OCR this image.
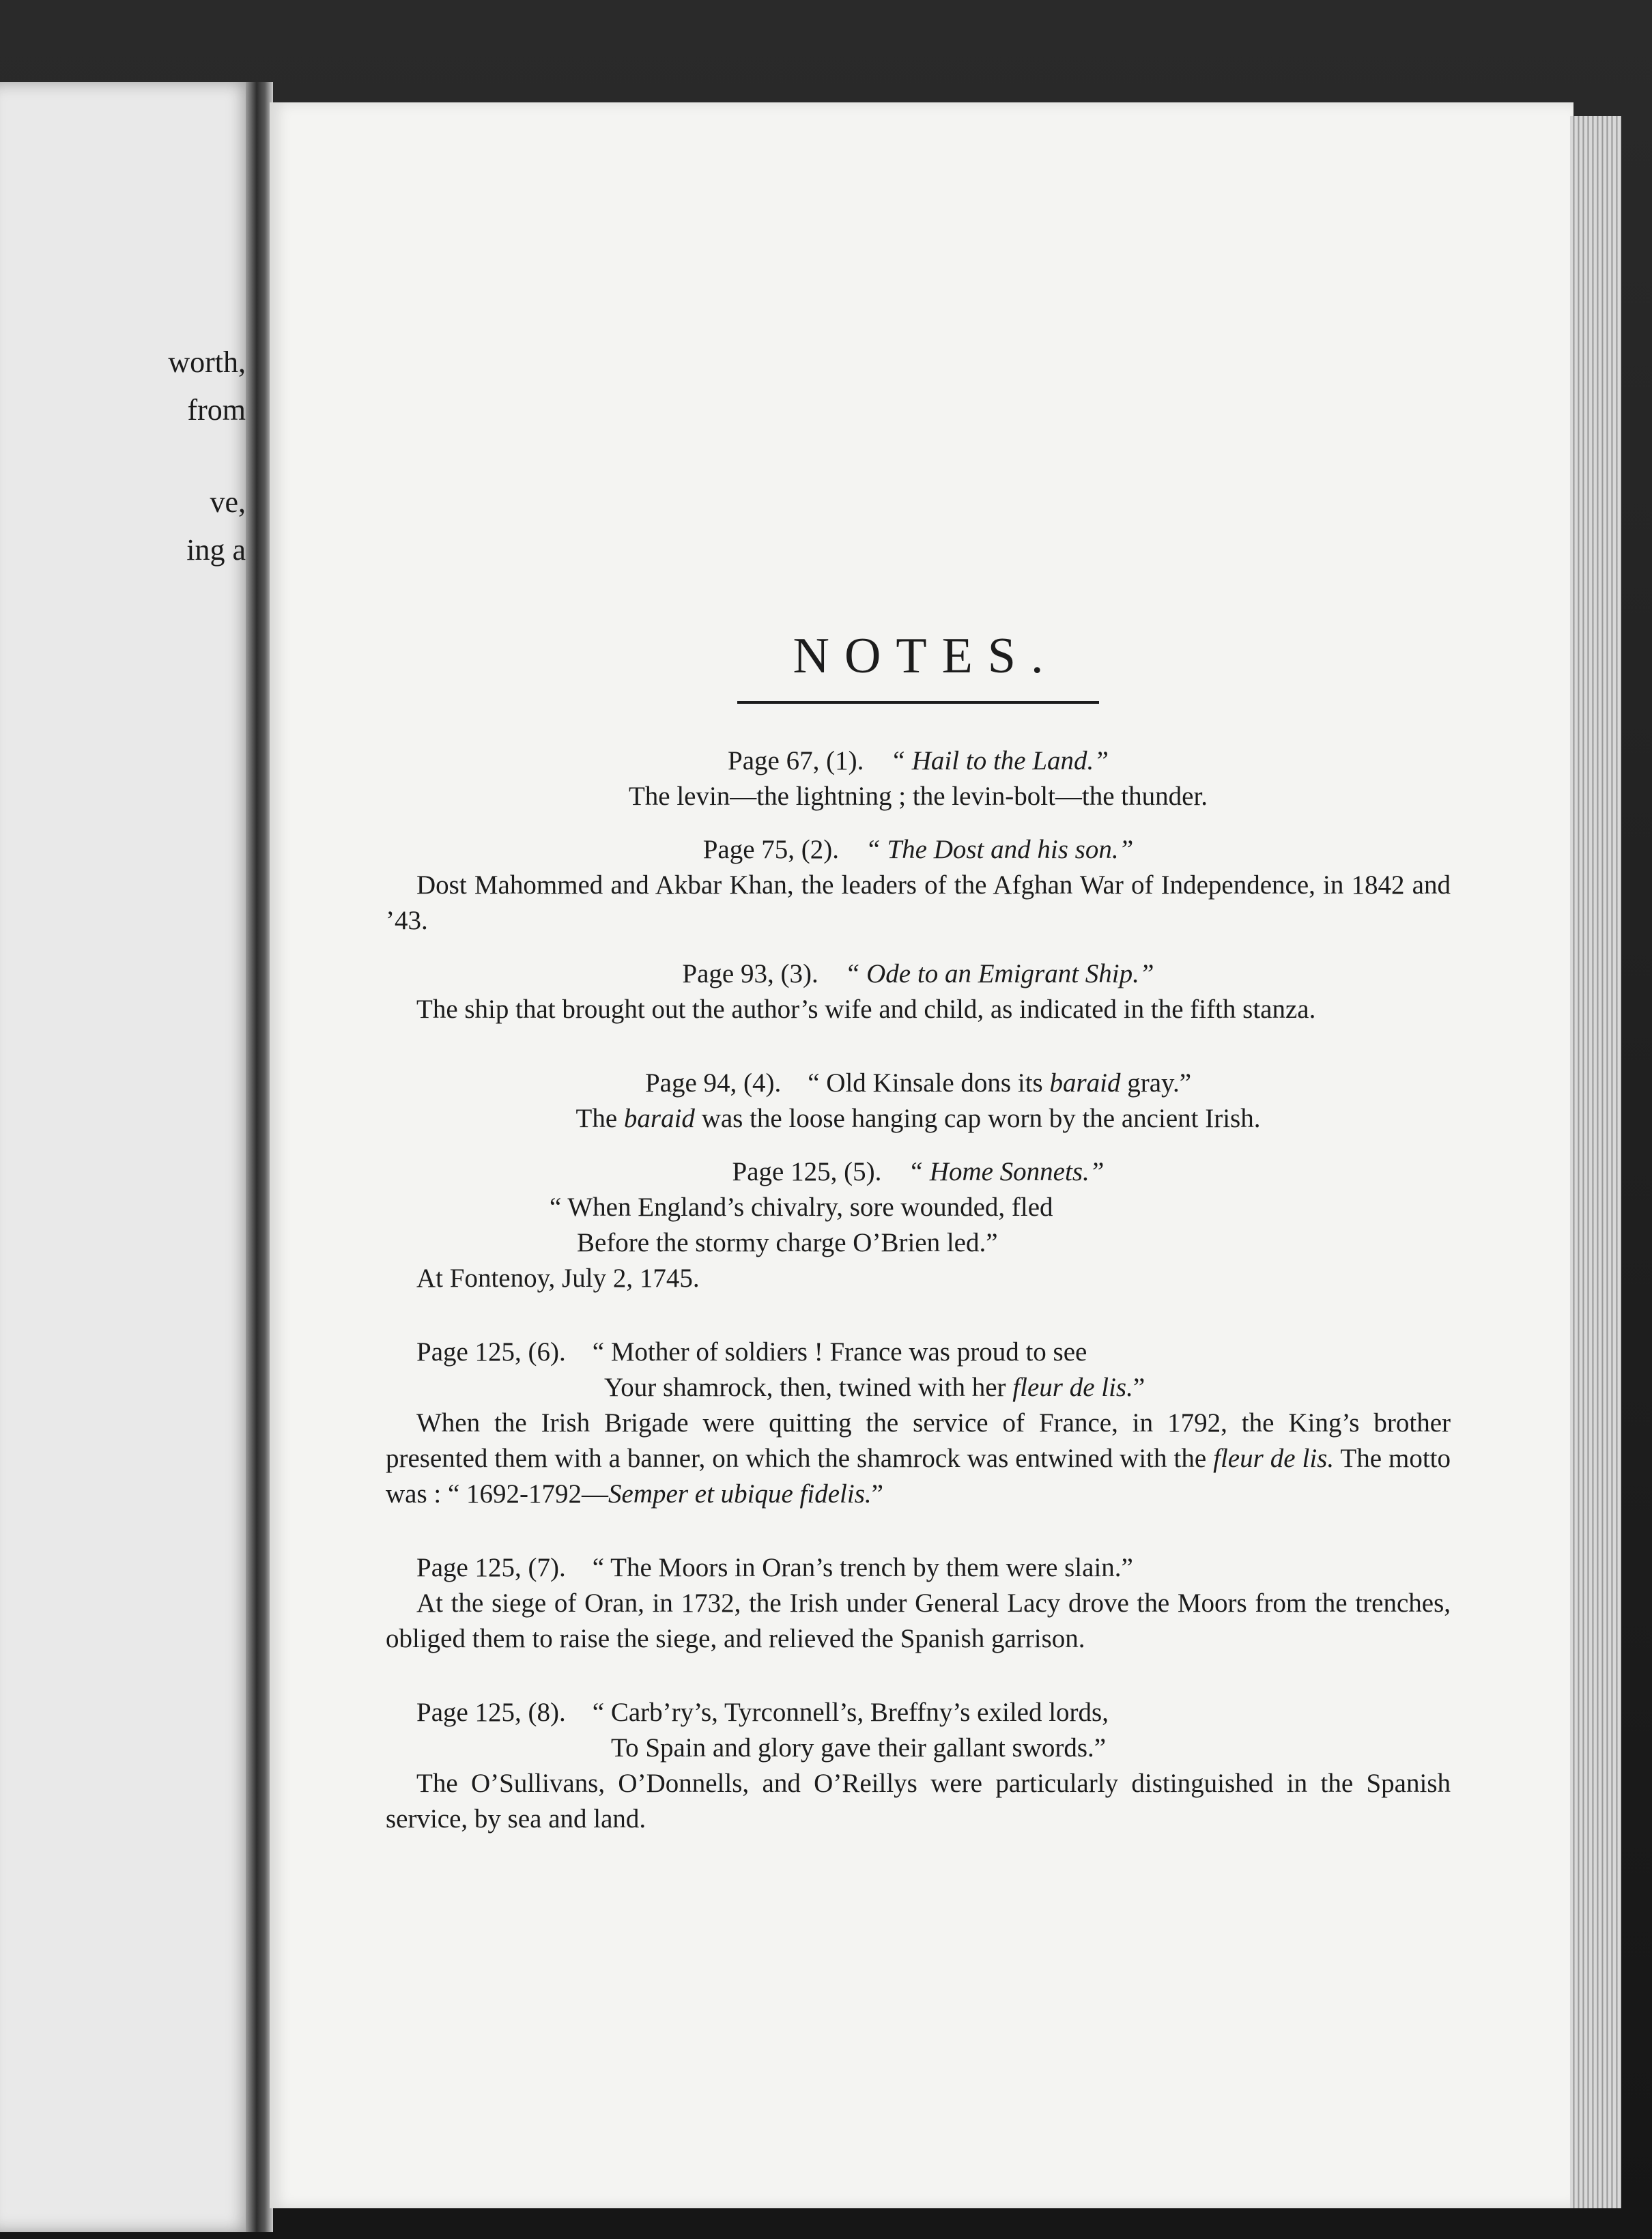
worth,
from
ve,
ing a
NOTES.
Page 67, (1). “ Hail to the Land.”
The levin—the lightning ; the levin-bolt—the thunder.
Page 75, (2). “ The Dost and his son.”
Dost Mahommed and Akbar Khan, the leaders of the Afghan War of Independence, in 1842 and ’43.
Page 93, (3). “ Ode to an Emigrant Ship.”
The ship that brought out the author’s wife and child, as indicated in the fifth stanza.
Page 94, (4). “ Old Kinsale dons its baraid gray.”
The baraid was the loose hanging cap worn by the ancient Irish.
Page 125, (5). “ Home Sonnets.”
“ When England’s chivalry, sore wounded, fled
Before the stormy charge O’Brien led.”
At Fontenoy, July 2, 1745.
Page 125, (6). “ Mother of soldiers ! France was proud to see
Your shamrock, then, twined with her fleur de lis.”
When the Irish Brigade were quitting the service of France, in 1792, the King’s brother presented them with a banner, on which the shamrock was entwined with the fleur de lis. The motto was : “ 1692-1792—Semper et ubique fidelis.”
Page 125, (7). “ The Moors in Oran’s trench by them were slain.”
At the siege of Oran, in 1732, the Irish under General Lacy drove the Moors from the trenches, obliged them to raise the siege, and relieved the Spanish garrison.
Page 125, (8). “ Carb’ry’s, Tyrconnell’s, Breffny’s exiled lords,
To Spain and glory gave their gallant swords.”
The O’Sullivans, O’Donnells, and O’Reillys were particularly distinguished in the Spanish service, by sea and land.
